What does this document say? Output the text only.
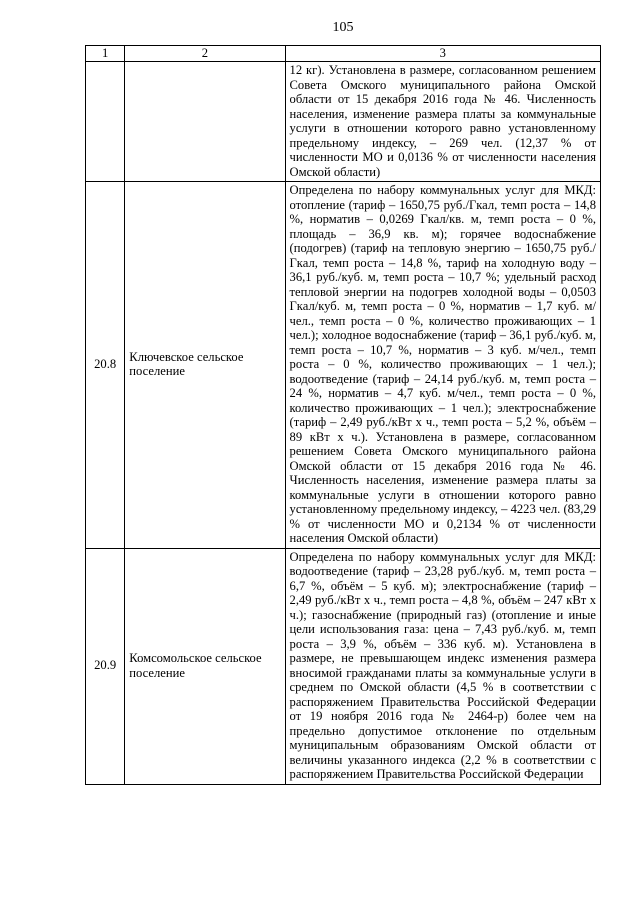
105
1	2	3
		12 кг). Установлена в размере, согласованном решением Совета Омского муниципального района Омской области от 15 декабря 2016 года № 46. Численность населения, изменение размера платы за коммунальные услуги в отношении которого равно установленному предельному индексу, – 269 чел. (12,37 % от численности МО и 0,0136 % от численности населения Омской области)
20.8	Ключевское сельское поселение	Определена по набору коммунальных услуг для МКД: отопление (тариф – 1650,75 руб./Гкал, темп роста – 14,8 %, норматив – 0,0269 Гкал/кв. м, темп роста – 0 %, площадь – 36,9 кв. м); горячее водоснабжение (подогрев) (тариф на тепловую энергию – 1650,75 руб./Гкал, темп роста – 14,8 %, тариф на холодную воду – 36,1 руб./куб. м, темп роста – 10,7 %; удельный расход тепловой энергии на подогрев холодной воды – 0,0503 Гкал/куб. м, темп роста – 0 %, норматив – 1,7 куб. м/чел., темп роста – 0 %, количество проживающих – 1 чел.); холодное водоснабжение (тариф – 36,1 руб./куб. м, темп роста – 10,7 %, норматив – 3 куб. м/чел., темп роста – 0 %, количество проживающих – 1 чел.); водоотведение (тариф – 24,14 руб./куб. м, темп роста – 24 %, норматив – 4,7 куб. м/чел., темп роста – 0 %, количество проживающих – 1 чел.); электроснабжение (тариф – 2,49 руб./кВт х ч., темп роста – 5,2 %, объём – 89 кВт х ч.). Установлена в размере, согласованном решением Совета Омского муниципального района Омской области от 15 декабря 2016 года № 46. Численность населения, изменение размера платы за коммунальные услуги в отношении которого равно установленному предельному индексу, – 4223 чел. (83,29 % от численности МО и 0,2134 % от численности населения Омской области)
20.9	Комсомольское сельское поселение	Определена по набору коммунальных услуг для МКД: водоотведение (тариф – 23,28 руб./куб. м, темп роста – 6,7 %, объём – 5 куб. м); электроснабжение (тариф – 2,49 руб./кВт х ч., темп роста – 4,8 %, объём – 247 кВт х ч.); газоснабжение (природный газ) (отопление и иные цели использования газа: цена – 7,43 руб./куб. м, темп роста – 3,9 %, объём – 336 куб. м). Установлена в размере, не превышающем индекс изменения размера вносимой гражданами платы за коммунальные услуги в среднем по Омской области (4,5 % в соответствии с распоряжением Правительства Российской Федерации от 19 ноября 2016 года № 2464-р) более чем на предельно допустимое отклонение по отдельным муниципальным образованиям Омской области от величины указанного индекса (2,2 % в соответствии с распоряжением Правительства Российской Федерации
